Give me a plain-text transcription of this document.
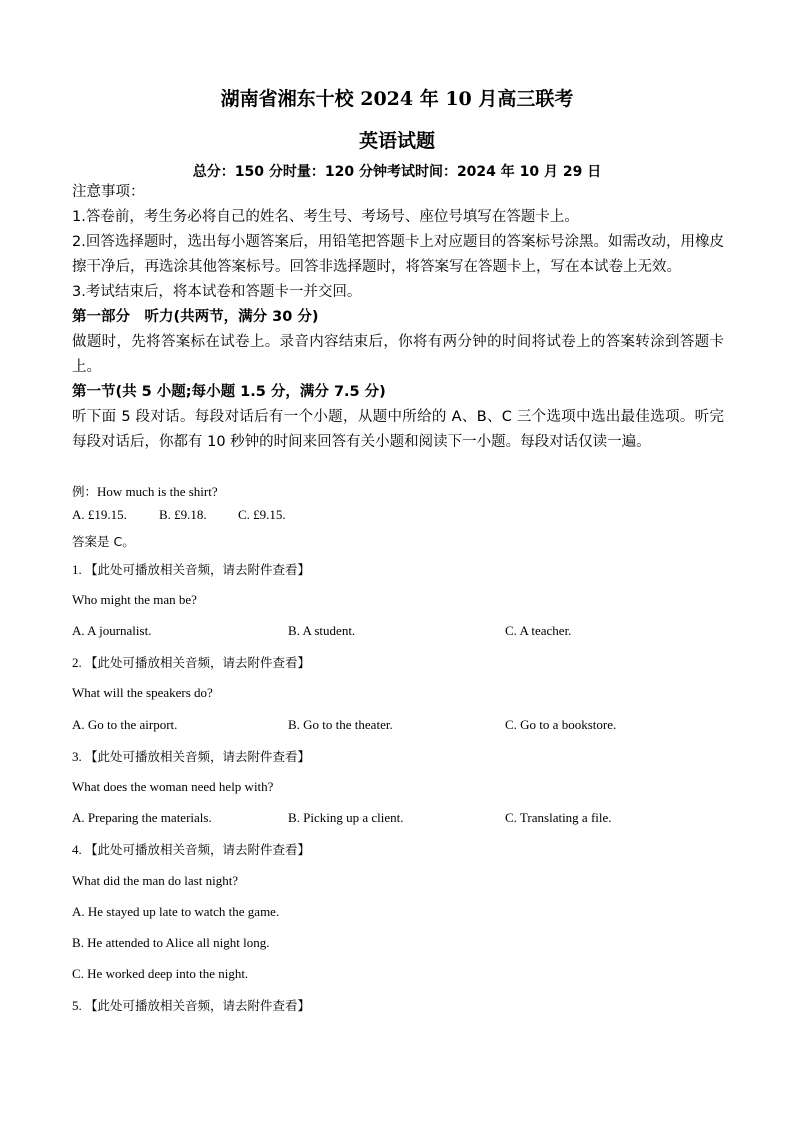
湖南省湘东十校 2024 年 10 月高三联考
英语试题
总分：150 分时量：120 分钟考试时间：2024 年 10 月 29 日
注意事项：
1.答卷前，考生务必将自己的姓名、考生号、考场号、座位号填写在答题卡上。
2.回答选择题时，选出每小题答案后，用铅笔把答题卡上对应题目的答案标号涂黑。如需改动，用橡皮擦干净后，再选涂其他答案标号。回答非选择题时，将答案写在答题卡上，写在本试卷上无效。
3.考试结束后，将本试卷和答题卡一并交回。
第一部分　听力(共两节，满分 30 分)
做题时，先将答案标在试卷上。录音内容结束后，你将有两分钟的时间将试卷上的答案转涂到答题卡上。
第一节(共 5 小题;每小题 1.5 分，满分 7.5 分)
听下面 5 段对话。每段对话后有一个小题，从题中所给的 A、B、C 三个选项中选出最佳选项。听完每段对话后，你都有 10 秒钟的时间来回答有关小题和阅读下一小题。每段对话仅读一遍。
例：How much is the shirt?
A. £19.15. B. £9.18. C. £9.15.
答案是 C。
1. 【此处可播放相关音频，请去附件查看】
Who might the man be?
A. A journalist.	B. A student.	C. A teacher.
2. 【此处可播放相关音频，请去附件查看】
What will the speakers do?
A. Go to the airport.	B. Go to the theater.	C. Go to a bookstore.
3. 【此处可播放相关音频，请去附件查看】
What does the woman need help with?
A. Preparing the materials.	B. Picking up a client.	C. Translating a file.
4. 【此处可播放相关音频，请去附件查看】
What did the man do last night?
A. He stayed up late to watch the game.
B. He attended to Alice all night long.
C. He worked deep into the night.
5. 【此处可播放相关音频，请去附件查看】
